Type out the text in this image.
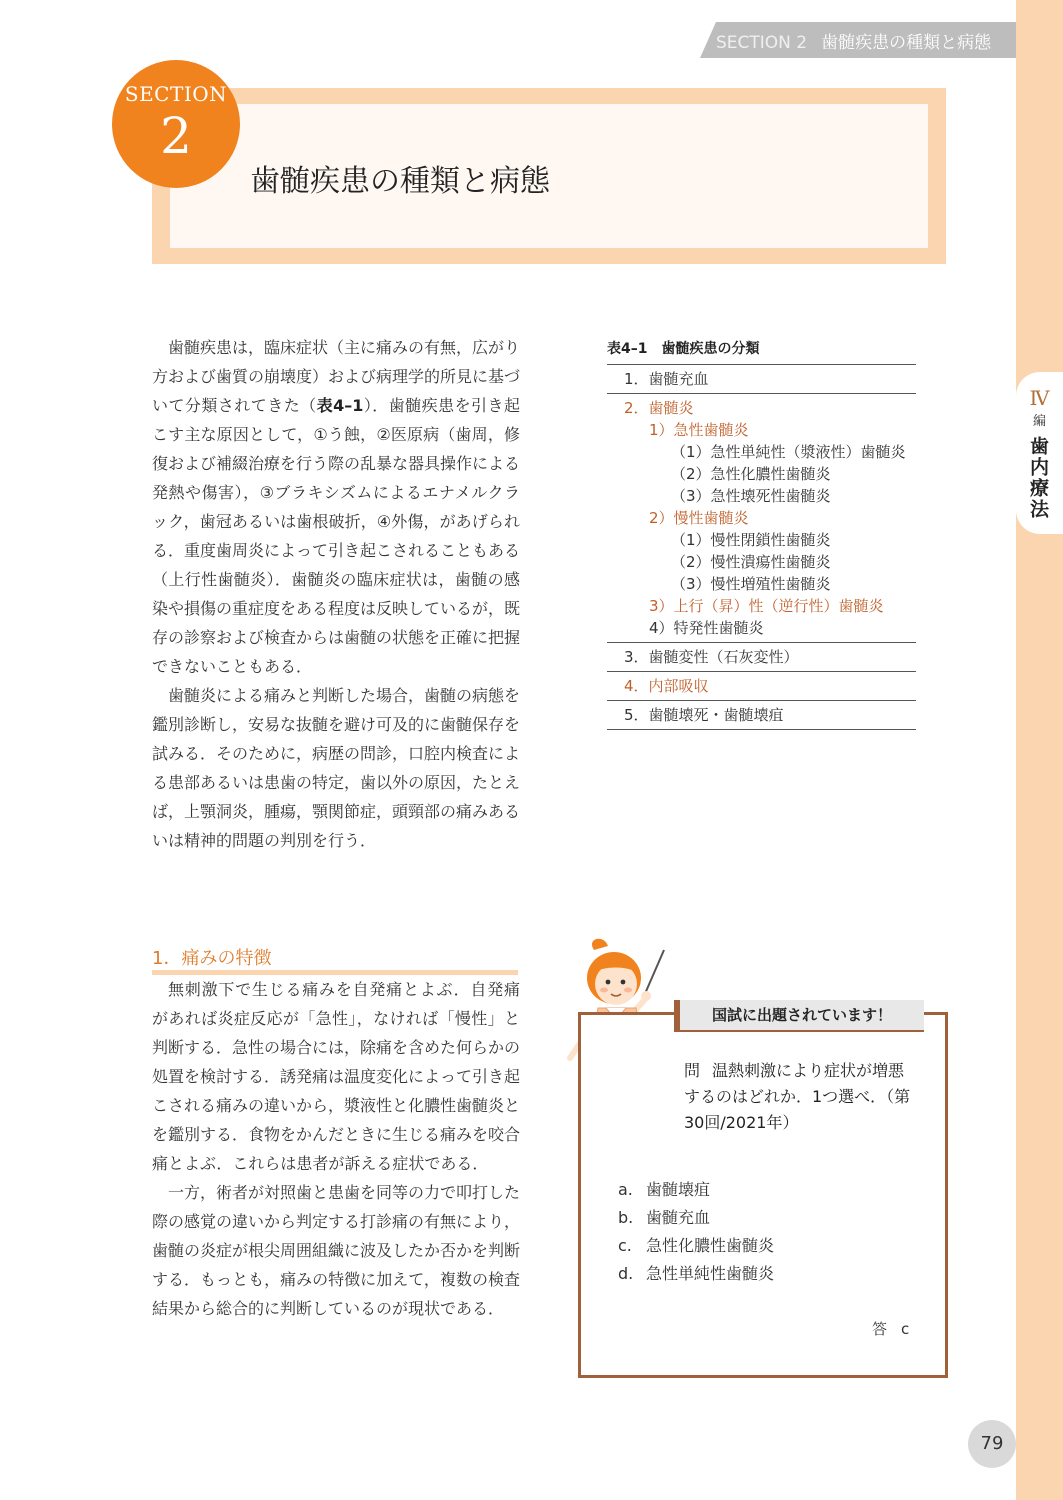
Ⅳ
編
歯内療法
SECTION 2 歯髄疾患の種類と病態
SECTION
2
歯髄疾患の種類と病態

歯髄疾患は，臨床症状（主に痛みの有無，広がり方および歯質の崩壊度）および病理学的所見に基づいて分類されてきた（表4–1）．歯髄疾患を引き起こす主な原因として，①う蝕，②医原病（歯周，修復および補綴治療を行う際の乱暴な器具操作による発熱や傷害），③ブラキシズムによるエナメルクラック，歯冠あるいは歯根破折，④外傷，があげられる．重度歯周炎によって引き起こされることもある（上行性歯髄炎）．歯髄炎の臨床症状は，歯髄の感染や損傷の重症度をある程度は反映しているが，既存の診察および検査からは歯髄の状態を正確に把握できないこともある．

歯髄炎による痛みと判断した場合，歯髄の病態を鑑別診断し，安易な抜髄を避け可及的に歯髄保存を試みる．そのために，病歴の問診，口腔内検査による患部あるいは患歯の特定，歯以外の原因，たとえば，上顎洞炎，腫瘍，顎関節症，頭頸部の痛みあるいは精神的問題の判別を行う．

1．痛みの特徴

無刺激下で生じる痛みを自発痛とよぶ．自発痛があれば炎症反応が「急性」，なければ「慢性」と判断する．急性の場合には，除痛を含めた何らかの処置を検討する．誘発痛は温度変化によって引き起こされる痛みの違いから，漿液性と化膿性歯髄炎とを鑑別する．食物をかんだときに生じる痛みを咬合痛とよぶ．これらは患者が訴える症状である．

一方，術者が対照歯と患歯を同等の力で叩打した際の感覚の違いから判定する打診痛の有無により，歯髄の炎症が根尖周囲組織に波及したか否かを判断する．もっとも，痛みの特徴に加えて，複数の検査結果から総合的に判断しているのが現状である．

表4–1　歯髄疾患の分類
1．歯髄充血
2．歯髄炎
1）急性歯髄炎
（1）急性単純性（漿液性）歯髄炎
（2）急性化膿性歯髄炎
（3）急性壊死性歯髄炎
2）慢性歯髄炎
（1）慢性閉鎖性歯髄炎
（2）慢性潰瘍性歯髄炎
（3）慢性増殖性歯髄炎
3）上行（昇）性（逆行性）歯髄炎
4）特発性歯髄炎
3．歯髄変性（石灰変性）
4．内部吸収
5．歯髄壊死・歯髄壊疽
国試に出題されています！
問 温熱刺激により症状が増悪するのはどれか．1つ選べ．（第30回/2021年）
a. 歯髄壊疽
b. 歯髄充血
c. 急性化膿性歯髄炎
d. 急性単純性歯髄炎
答 c
79
